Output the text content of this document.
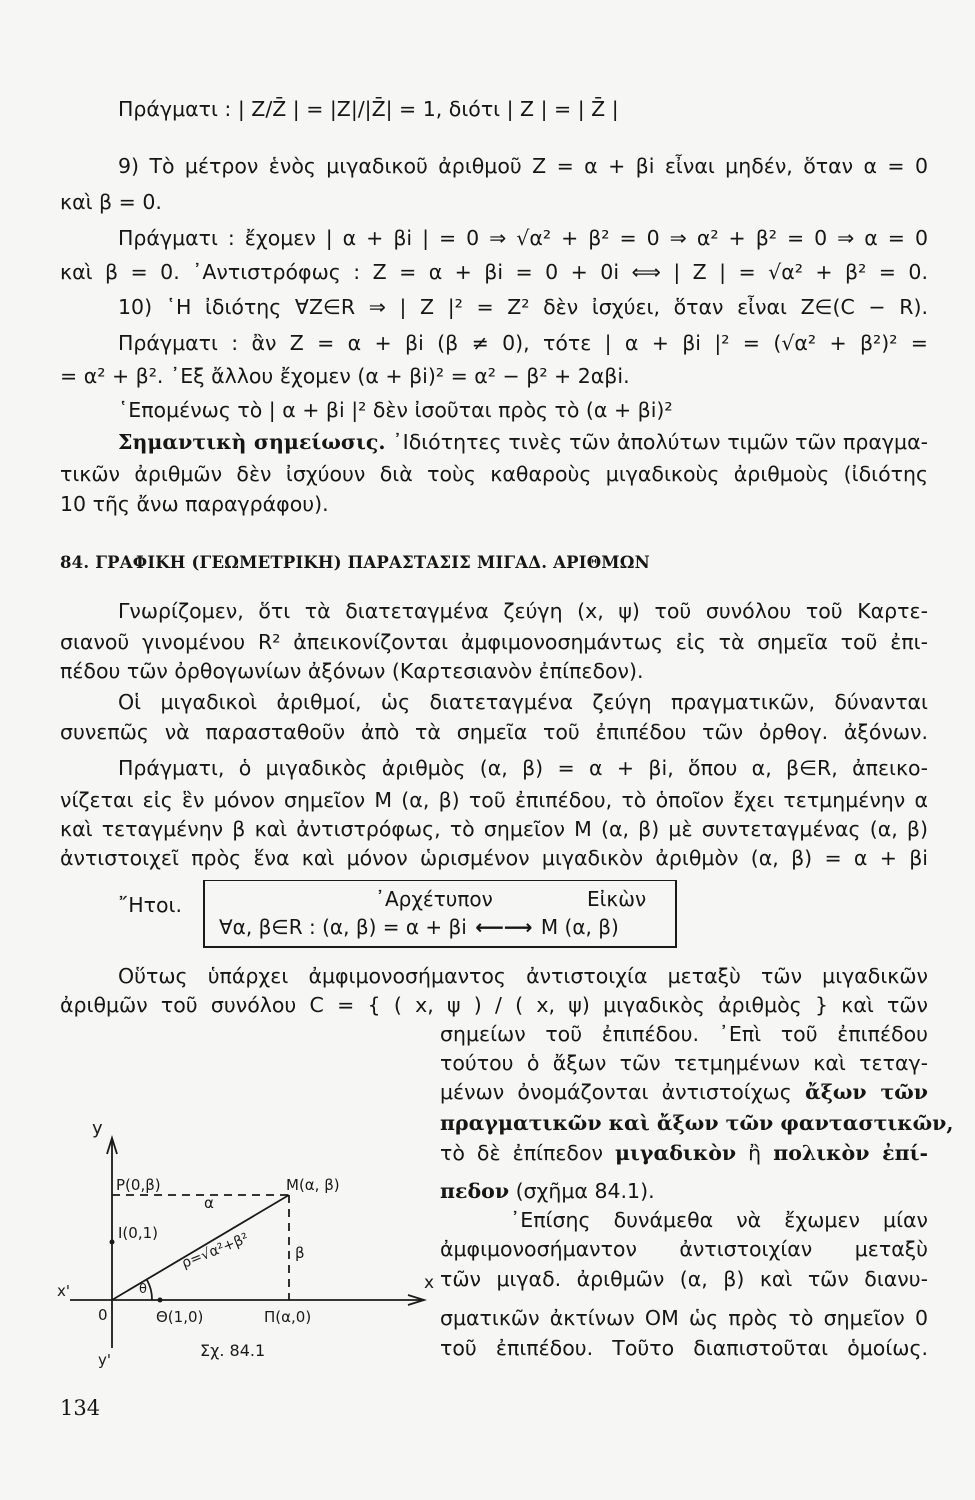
Πράγματι : | Z/Z̄ | = |Z|/|Z̄| = 1, διότι | Z | = | Z̄ |
9) Τὸ μέτρον ἑνὸς μιγαδικοῦ ἀριθμοῦ Ζ = α + βi εἶναι μηδέν, ὅταν α = 0
καὶ β = 0.
Πράγματι : ἔχομεν | α + βi | = 0 ⇒ √α² + β² = 0 ⇒ α² + β² = 0 ⇒ α = 0
καὶ β = 0. ᾿Αντιστρόφως : Ζ = α + βi = 0 + 0i ⟺ | Ζ | = √α² + β² = 0.
10) ῾Η ἰδιότης ∀Ζ∈R ⇒ | Ζ |² = Ζ² δὲν ἰσχύει, ὅταν εἶναι Ζ∈(C − R).
Πράγματι : ἂν Ζ = α + βi (β ≠ 0), τότε | α + βi |² = (√α² + β²)² =
= α² + β². ᾿Εξ ἄλλου ἔχομεν (α + βi)² = α² − β² + 2αβi.
῾Επομένως τὸ | α + βi |² δὲν ἰσοῦται πρὸς τὸ (α + βi)²
Σημαντικὴ σημείωσις. ᾿Ιδιότητες τινὲς τῶν ἀπολύτων τιμῶν τῶν πραγμα-
τικῶν ἀριθμῶν δὲν ἰσχύουν διὰ τοὺς καθαροὺς μιγαδικοὺς ἀριθμοὺς (ἰδιότης
10 τῆς ἄνω παραγράφου).
84. ΓΡΑΦΙΚΗ (ΓΕΩΜΕΤΡΙΚΗ) ΠΑΡΑΣΤΑΣΙΣ ΜΙΓΑΔ. ΑΡΙΘΜΩΝ
Γνωρίζομεν, ὅτι τὰ διατεταγμένα ζεύγη (x, ψ) τοῦ συνόλου τοῦ Καρτε-
σιανοῦ γινομένου R² ἀπεικονίζονται ἀμφιμονοσημάντως εἰς τὰ σημεῖα τοῦ ἐπι-
πέδου τῶν ὀρθογωνίων ἀξόνων (Καρτεσιανὸν ἐπίπεδον).
Οἱ μιγαδικοὶ ἀριθμοί, ὡς διατεταγμένα ζεύγη πραγματικῶν, δύνανται
συνεπῶς νὰ παρασταθοῦν ἀπὸ τὰ σημεῖα τοῦ ἐπιπέδου τῶν ὀρθογ. ἀξόνων.
Πράγματι, ὁ μιγαδικὸς ἀριθμὸς (α, β) = α + βi, ὅπου α, β∈R, ἀπεικο-
νίζεται εἰς ἓν μόνον σημεῖον Μ (α, β) τοῦ ἐπιπέδου, τὸ ὁποῖον ἔχει τετμημένην α
καὶ τεταγμένην β καὶ ἀντιστρόφως, τὸ σημεῖον Μ (α, β) μὲ συντεταγμένας (α, β)
ἀντιστοιχεῖ πρὸς ἕνα καὶ μόνον ὡρισμένον μιγαδικὸν ἀριθμὸν (α, β) = α + βi
῎Ητοι.	᾿Αρχέτυπον	Εἰκὼν
∀α, β∈R : (α, β) = α + βi ⟵⟶ Μ (α, β)
Οὕτως ὑπάρχει ἀμφιμονοσήμαντος ἀντιστοιχία μεταξὺ τῶν μιγαδικῶν
ἀριθμῶν τοῦ συνόλου C = { ( x, ψ ) / ( x, ψ) μιγαδικὸς ἀριθμὸς } καὶ τῶν
σημείων τοῦ ἐπιπέδου. ᾿Επὶ τοῦ ἐπιπέδου
τούτου ὁ ἄξων τῶν τετμημένων καὶ τεταγ-
μένων ὀνομάζονται ἀντιστοίχως ἄξων τῶν
πραγματικῶν καὶ ἄξων τῶν φανταστικῶν,
τὸ δὲ ἐπίπεδον μιγαδικὸν ἢ πολικὸν ἐπί-
πεδον (σχῆμα 84.1).
᾿Επίσης δυνάμεθα νὰ ἔχωμεν μίαν
ἀμφιμονοσήμαντον ἀντιστοιχίαν μεταξὺ
τῶν μιγαδ. ἀριθμῶν (α, β) καὶ τῶν διανυ-
σματικῶν ἀκτίνων OM ὡς πρὸς τὸ σημεῖον 0
τοῦ ἐπιπέδου. Τοῦτο διαπιστοῦται ὁμοίως.
y
y'
x
x'
0
P(0,β)
α
M(α, β)
I(0,1) ρ=√α²+β²	β
θ
Θ(1,0)	Π(α,0)
Σχ. 84.1
134
